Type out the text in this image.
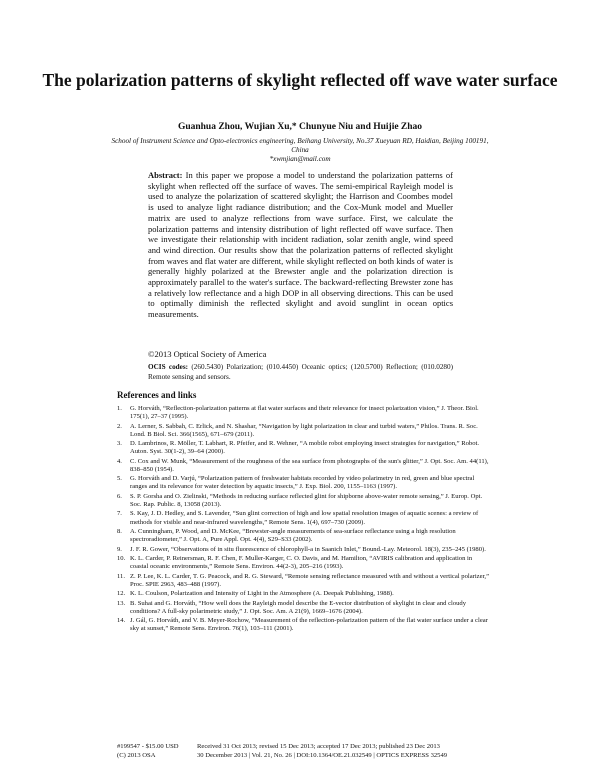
The polarization patterns of skylight reflected off wave water surface
Guanhua Zhou, Wujian Xu,* Chunyue Niu and Huijie Zhao
School of Instrument Science and Opto-electronics engineering, Beihang University, No.37 Xueyuan RD, Haidian, Beijing 100191, China
*xwmjian@mail.com
Abstract: In this paper we propose a model to understand the polarization patterns of skylight when reflected off the surface of waves. The semi-empirical Rayleigh model is used to analyze the polarization of scattered skylight; the Harrison and Coombes model is used to analyze light radiance distribution; and the Cox-Munk model and Mueller matrix are used to analyze reflections from wave surface. First, we calculate the polarization patterns and intensity distribution of light reflected off wave surface. Then we investigate their relationship with incident radiation, solar zenith angle, wind speed and wind direction. Our results show that the polarization patterns of reflected skylight from waves and flat water are different, while skylight reflected on both kinds of water is generally highly polarized at the Brewster angle and the polarization direction is approximately parallel to the water's surface. The backward-reflecting Brewster zone has a relatively low reflectance and a high DOP in all observing directions. This can be used to optimally diminish the reflected skylight and avoid sunglint in ocean optics measurements.
©2013 Optical Society of America
OCIS codes: (260.5430) Polarization; (010.4450) Oceanic optics; (120.5700) Reflection; (010.0280) Remote sensing and sensors.
References and links
1.	G. Horváth, “Reflection-polarization patterns at flat water surfaces and their relevance for insect polarization vision,” J. Theor. Biol. 175(1), 27–37 (1995).
2.	A. Lerner, S. Sabbah, C. Erlick, and N. Shashar, “Navigation by light polarization in clear and turbid waters,” Philos. Trans. R. Soc. Lond. B Biol. Sci. 366(1565), 671–679 (2011).
3.	D. Lambrinos, R. Möller, T. Labhart, R. Pfeifer, and R. Wehner, “A mobile robot employing insect strategies for navigation,” Robot. Auton. Syst. 30(1-2), 39–64 (2000).
4.	C. Cox and W. Munk, “Measurement of the roughness of the sea surface from photographs of the sun's glitter,” J. Opt. Soc. Am. 44(11), 838–850 (1954).
5.	G. Horváth and D. Varjú, “Polarization pattern of freshwater habitats recorded by video polarimetry in red, green and blue spectral ranges and its relevance for water detection by aquatic insects,” J. Exp. Biol. 200, 1155–1163 (1997).
6.	S. P. Gorsha and O. Zielinski, “Methods in reducing surface reflected glint for shipborne above-water remote sensing,” J. Europ. Opt. Soc. Rap. Public. 8, 13058 (2013).
7.	S. Kay, J. D. Hedley, and S. Lavender, “Sun glint correction of high and low spatial resolution images of aquatic scenes: a review of methods for visible and near-infrared wavelengths,” Remote Sens. 1(4), 697–730 (2009).
8.	A. Cunningham, P. Wood, and D. McKee, “Brewster-angle measurements of sea-surface reflectance using a high resolution spectroradiometer,” J. Opt. A, Pure Appl. Opt. 4(4), S29–S33 (2002).
9.	J. F. R. Gower, “Observations of in situ fluorescence of chlorophyll-a in Saanich Inlet,” Bound.-Lay. Meteorol. 18(3), 235–245 (1980).
10. K. L. Carder, P. Reinersman, R. F. Chen, F. Muller-Karger, C. O. Davis, and M. Hamilton, “AVIRIS calibration and application in coastal oceanic environments,” Remote Sens. Environ. 44(2-3), 205–216 (1993).
11. Z. P. Lee, K. L. Carder, T. G. Peacock, and R. G. Steward, “Remote sensing reflectance measured with and without a vertical polarizer,” Proc. SPIE 2963, 483–488 (1997).
12. K. L. Coulson, Polarization and Intensity of Light in the Atmosphere (A. Deepak Publishing, 1988).
13. B. Suhai and G. Horváth, “How well does the Rayleigh model describe the E-vector distribution of skylight in clear and cloudy conditions? A full-sky polarimetric study,” J. Opt. Soc. Am. A 21(9), 1669–1676 (2004).
14. J. Gál, G. Horváth, and V. B. Meyer-Rochow, “Measurement of the reflection-polarization pattern of the flat water surface under a clear sky at sunset,” Remote Sens. Environ. 76(1), 103–111 (2001).
#199547 - $15.00 USD	Received 31 Oct 2013; revised 15 Dec 2013; accepted 17 Dec 2013; published 23 Dec 2013
(C) 2013 OSA	30 December 2013 | Vol. 21, No. 26 | DOI:10.1364/OE.21.032549 | OPTICS EXPRESS 32549
